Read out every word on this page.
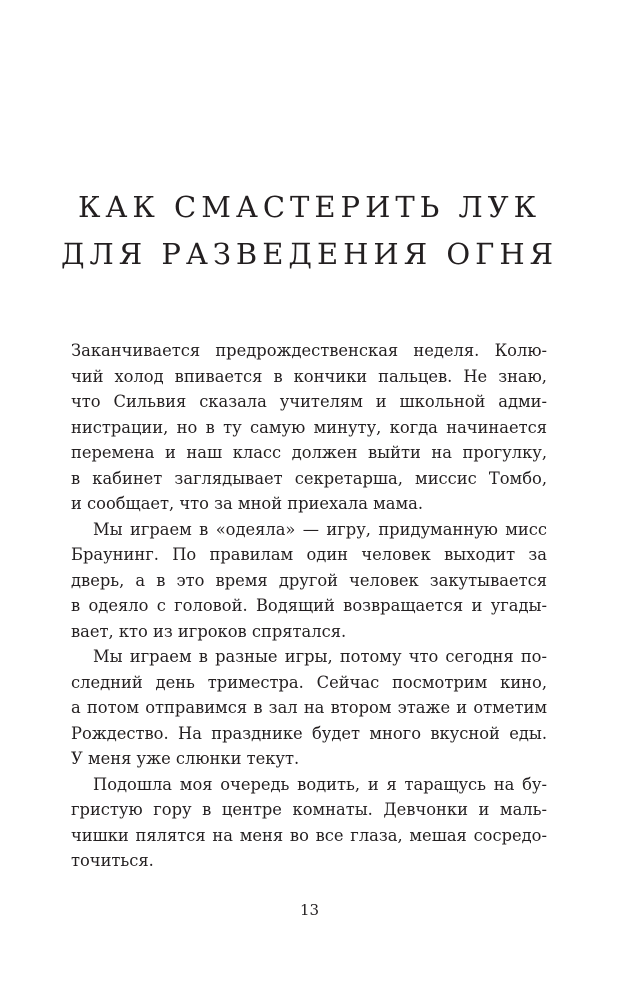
КАК СМАСТЕРИТЬ ЛУК
ДЛЯ РАЗВЕДЕНИЯ ОГНЯ

Заканчивается предрождественская неделя. Колю-
чий холод впивается в кончики пальцев. Не знаю,
что Сильвия сказала учителям и школьной адми-
нистрации, но в ту самую минуту, когда начинается
перемена и наш класс должен выйти на прогулку,
в кабинет заглядывает секретарша, миссис Томбо,
и сообщает, что за мной приехала мама.

Мы играем в «одеяла» — игру, придуманную мисс
Браунинг. По правилам один человек выходит за
дверь, а в это время другой человек закутывается
в одеяло с головой. Водящий возвращается и угады-
вает, кто из игроков спрятался.

Мы играем в разные игры, потому что сегодня по-
следний день триместра. Сейчас посмотрим кино,
а потом отправимся в зал на втором этаже и отметим
Рождество. На празднике будет много вкусной еды.
У меня уже слюнки текут.

Подошла моя очередь водить, и я таращусь на бу-
гристую гору в центре комнаты. Девчонки и маль-
чишки пялятся на меня во все глаза, мешая сосредо-
точиться.

13
